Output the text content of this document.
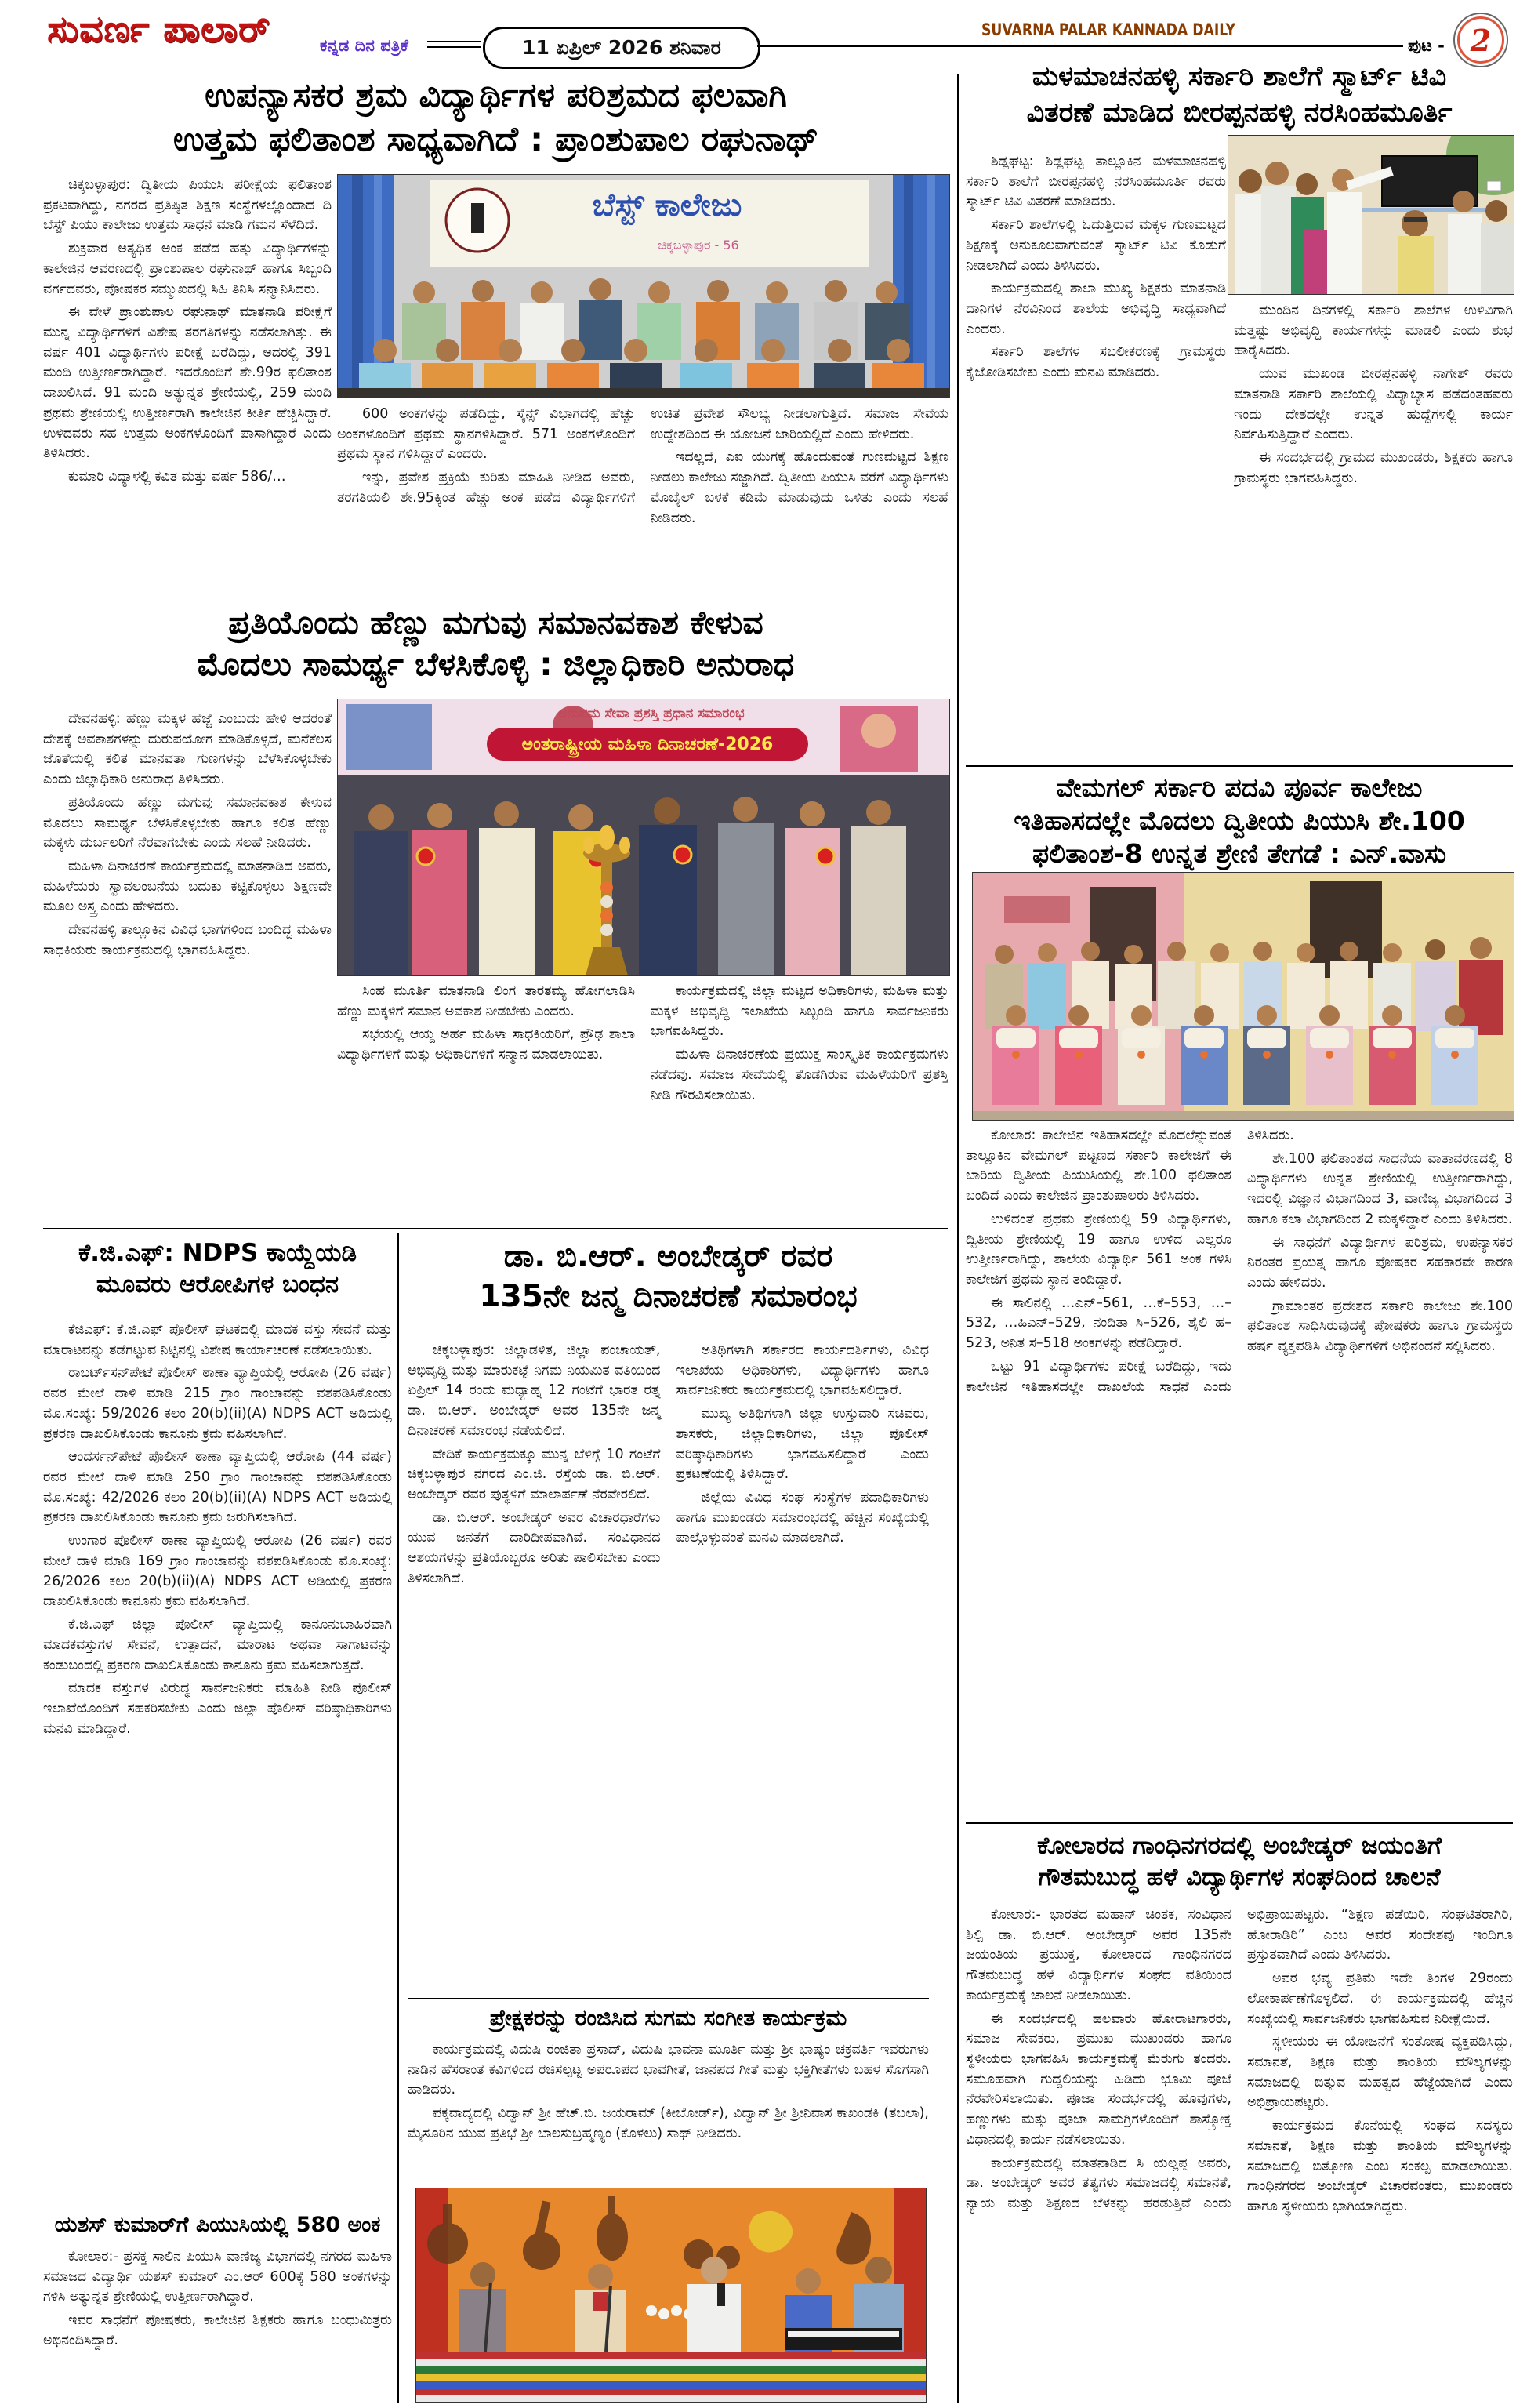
ಸುವರ್ಣ ಪಾಲಾರ್	ಕನ್ನಡ ದಿನ ಪತ್ರಿಕೆ	11 ಏಪ್ರಿಲ್ 2026 ಶನಿವಾರ
SUVARNA PALAR KANNADA DAILY
ಪುಟ - 2
ಉಪನ್ಯಾಸಕರ ಶ್ರಮ ವಿದ್ಯಾರ್ಥಿಗಳ ಪರಿಶ್ರಮದ ಫಲವಾಗಿ
ಉತ್ತಮ ಫಲಿತಾಂಶ ಸಾಧ್ಯವಾಗಿದೆ : ಪ್ರಾಂಶುಪಾಲ ರಘುನಾಥ್

ಚಿಕ್ಕಬಳ್ಳಾಪುರ: ದ್ವಿತೀಯ ಪಿಯುಸಿ ಪರೀಕ್ಷೆಯ ಫಲಿತಾಂಶ ಪ್ರಕಟವಾಗಿದ್ದು, ನಗರದ ಪ್ರತಿಷ್ಠಿತ ಶಿಕ್ಷಣ ಸಂಸ್ಥೆಗಳಲ್ಲೊಂದಾದ ದಿ ಬೆಸ್ಟ್ ಪಿಯು ಕಾಲೇಜು ಉತ್ತಮ ಸಾಧನೆ ಮಾಡಿ ಗಮನ ಸೆಳೆದಿದೆ.

ಶುಕ್ರವಾರ ಅತ್ಯಧಿಕ ಅಂಕ ಪಡೆದ ಹತ್ತು ವಿದ್ಯಾರ್ಥಿಗಳನ್ನು ಕಾಲೇಜಿನ ಆವರಣದಲ್ಲಿ ಪ್ರಾಂಶುಪಾಲ ರಘುನಾಥ್ ಹಾಗೂ ಸಿಬ್ಬಂದಿ ವರ್ಗದವರು, ಪೋಷಕರ ಸಮ್ಮುಖದಲ್ಲಿ ಸಿಹಿ ತಿನಿಸಿ ಸನ್ಮಾನಿಸಿದರು.

ಈ ವೇಳೆ ಪ್ರಾಂಶುಪಾಲ ರಘುನಾಥ್ ಮಾತನಾಡಿ ಪರೀಕ್ಷೆಗೆ ಮುನ್ನ ವಿದ್ಯಾರ್ಥಿಗಳಿಗೆ ವಿಶೇಷ ತರಗತಿಗಳನ್ನು ನಡೆಸಲಾಗಿತ್ತು. ಈ ವರ್ಷ 401 ವಿದ್ಯಾರ್ಥಿಗಳು ಪರೀಕ್ಷೆ ಬರೆದಿದ್ದು, ಅದರಲ್ಲಿ 391 ಮಂದಿ ಉತ್ತೀರ್ಣರಾಗಿದ್ದಾರೆ. ಇದರೊಂದಿಗೆ ಶೇ.99ರ ಫಲಿತಾಂಶ ದಾಖಲಿಸಿದೆ. 91 ಮಂದಿ ಅತ್ಯುನ್ನತ ಶ್ರೇಣಿಯಲ್ಲಿ, 259 ಮಂದಿ ಪ್ರಥಮ ಶ್ರೇಣಿಯಲ್ಲಿ ಉತ್ತೀರ್ಣರಾಗಿ ಕಾಲೇಜಿನ ಕೀರ್ತಿ ಹೆಚ್ಚಿಸಿದ್ದಾರೆ. ಉಳಿದವರು ಸಹ ಉತ್ತಮ ಅಂಕಗಳೊಂದಿಗೆ ಪಾಸಾಗಿದ್ದಾರೆ ಎಂದು ತಿಳಿಸಿದರು.

ಕುಮಾರಿ ವಿದ್ಯಾಳಲ್ಲಿ ಕವಿತ ಮತ್ತು ವರ್ಷ 586/…

ಬೆಸ್ಟ್ ಕಾಲೇಜು
ಚಿಕ್ಕಬಳ್ಳಾಪುರ - 56

600 ಅಂಕಗಳನ್ನು ಪಡೆದಿದ್ದು, ಸೈನ್ಸ್ ವಿಭಾಗದಲ್ಲಿ ಹೆಚ್ಚು ಅಂಕಗಳೊಂದಿಗೆ ಪ್ರಥಮ ಸ್ಥಾನಗಳಿಸಿದ್ದಾರೆ. 571 ಅಂಕಗಳೊಂದಿಗೆ ಪ್ರಥಮ ಸ್ಥಾನ ಗಳಿಸಿದ್ದಾರೆ ಎಂದರು.

ಇನ್ನು, ಪ್ರವೇಶ ಪ್ರಕ್ರಿಯೆ ಕುರಿತು ಮಾಹಿತಿ ನೀಡಿದ ಅವರು, ತರಗತಿಯಲಿ ಶೇ.95ಕ್ಕಿಂತ ಹೆಚ್ಚು ಅಂಕ ಪಡೆದ ವಿದ್ಯಾರ್ಥಿಗಳಿಗೆ ಉಚಿತ ಪ್ರವೇಶ ಸೌಲಭ್ಯ ನೀಡಲಾಗುತ್ತಿದೆ. ಸಮಾಜ ಸೇವೆಯ ಉದ್ದೇಶದಿಂದ ಈ ಯೋಜನೆ ಜಾರಿಯಲ್ಲಿದೆ ಎಂದು ಹೇಳಿದರು.

ಇದಲ್ಲದೆ, ಎಐ ಯುಗಕ್ಕೆ ಹೊಂದುವಂತೆ ಗುಣಮಟ್ಟದ ಶಿಕ್ಷಣ ನೀಡಲು ಕಾಲೇಜು ಸಜ್ಜಾಗಿದೆ. ದ್ವಿತೀಯ ಪಿಯುಸಿ ವರೆಗೆ ವಿದ್ಯಾರ್ಥಿಗಳು ಮೊಬೈಲ್ ಬಳಕೆ ಕಡಿಮೆ ಮಾಡುವುದು ಒಳಿತು ಎಂದು ಸಲಹೆ ನೀಡಿದರು.

ಪ್ರತಿಯೊಂದು ಹೆಣ್ಣು ಮಗುವು ಸಮಾನವಕಾಶ ಕೇಳುವ
ಮೊದಲು ಸಾಮರ್ಥ್ಯ ಬೆಳಸಿಕೊಳ್ಳಿ : ಜಿಲ್ಲಾಧಿಕಾರಿ ಅನುರಾಧ

ದೇವನಹಳ್ಳಿ: ಹೆಣ್ಣು ಮಕ್ಕಳ ಹೆಜ್ಜೆ ಎಂಬುದು ಹೇಳಿ ಆದರಂತೆ ದೇಶಕ್ಕೆ ಅವಕಾಶಗಳನ್ನು ದುರುಪಯೋಗ ಮಾಡಿಕೊಳ್ಳದೆ, ಮನೆಕೆಲಸ ಜೊತೆಯಲ್ಲಿ ಕಲಿತ ಮಾನವತಾ ಗುಣಗಳನ್ನು ಬೆಳೆಸಿಕೊಳ್ಳಬೇಕು ಎಂದು ಜಿಲ್ಲಾಧಿಕಾರಿ ಅನುರಾಧ ತಿಳಿಸಿದರು.

ಪ್ರತಿಯೊಂದು ಹೆಣ್ಣು ಮಗುವು ಸಮಾನವಕಾಶ ಕೇಳುವ ಮೊದಲು ಸಾಮರ್ಥ್ಯ ಬೆಳಸಿಕೊಳ್ಳಬೇಕು ಹಾಗೂ ಕಲಿತ ಹೆಣ್ಣು ಮಕ್ಕಳು ದುರ್ಬಲರಿಗೆ ನೆರವಾಗಬೇಕು ಎಂದು ಸಲಹೆ ನೀಡಿದರು.

ಮಹಿಳಾ ದಿನಾಚರಣೆ ಕಾರ್ಯಕ್ರಮದಲ್ಲಿ ಮಾತನಾಡಿದ ಅವರು, ಮಹಿಳೆಯರು ಸ್ವಾವಲಂಬನೆಯ ಬದುಕು ಕಟ್ಟಿಕೊಳ್ಳಲು ಶಿಕ್ಷಣವೇ ಮೂಲ ಅಸ್ತ್ರ ಎಂದು ಹೇಳಿದರು.

ದೇವನಹಳ್ಳಿ ತಾಲ್ಲೂಕಿನ ವಿವಿಧ ಭಾಗಗಳಿಂದ ಬಂದಿದ್ದ ಮಹಿಳಾ ಸಾಧಕಿಯರು ಕಾರ್ಯಕ್ರಮದಲ್ಲಿ ಭಾಗವಹಿಸಿದ್ದರು.

ಅನುಪಮ ಸೇವಾ ಪ್ರಶಸ್ತಿ ಪ್ರಧಾನ ಸಮಾರಂಭ
ಅಂತರಾಷ್ಟ್ರೀಯ ಮಹಿಳಾ ದಿನಾಚರಣೆ-2026

ಸಿಂಹ ಮೂರ್ತಿ ಮಾತನಾಡಿ ಲಿಂಗ ತಾರತಮ್ಯ ಹೋಗಲಾಡಿಸಿ ಹೆಣ್ಣು ಮಕ್ಕಳಿಗೆ ಸಮಾನ ಅವಕಾಶ ನೀಡಬೇಕು ಎಂದರು.

ಸಭೆಯಲ್ಲಿ ಆಯ್ದ ಅರ್ಹ ಮಹಿಳಾ ಸಾಧಕಿಯರಿಗೆ, ಪ್ರೌಢ ಶಾಲಾ ವಿದ್ಯಾರ್ಥಿಗಳಿಗೆ ಮತ್ತು ಅಧಿಕಾರಿಗಳಿಗೆ ಸನ್ಮಾನ ಮಾಡಲಾಯಿತು.

ಕಾರ್ಯಕ್ರಮದಲ್ಲಿ ಜಿಲ್ಲಾ ಮಟ್ಟದ ಅಧಿಕಾರಿಗಳು, ಮಹಿಳಾ ಮತ್ತು ಮಕ್ಕಳ ಅಭಿವೃದ್ಧಿ ಇಲಾಖೆಯ ಸಿಬ್ಬಂದಿ ಹಾಗೂ ಸಾರ್ವಜನಿಕರು ಭಾಗವಹಿಸಿದ್ದರು.

ಮಹಿಳಾ ದಿನಾಚರಣೆಯ ಪ್ರಯುಕ್ತ ಸಾಂಸ್ಕೃತಿಕ ಕಾರ್ಯಕ್ರಮಗಳು ನಡೆದವು. ಸಮಾಜ ಸೇವೆಯಲ್ಲಿ ತೊಡಗಿರುವ ಮಹಿಳೆಯರಿಗೆ ಪ್ರಶಸ್ತಿ ನೀಡಿ ಗೌರವಿಸಲಾಯಿತು.

ಮಳಮಾಚನಹಳ್ಳಿ ಸರ್ಕಾರಿ ಶಾಲೆಗೆ ಸ್ಮಾರ್ಟ್ ಟಿವಿ
ವಿತರಣೆ ಮಾಡಿದ ಬೀರಪ್ಪನಹಳ್ಳಿ ನರಸಿಂಹಮೂರ್ತಿ

ಶಿಡ್ಲಘಟ್ಟ: ಶಿಡ್ಲಘಟ್ಟ ತಾಲ್ಲೂಕಿನ ಮಳಮಾಚನಹಳ್ಳಿ ಸರ್ಕಾರಿ ಶಾಲೆಗೆ ಬೀರಪ್ಪನಹಳ್ಳಿ ನರಸಿಂಹಮೂರ್ತಿ ರವರು ಸ್ಮಾರ್ಟ್ ಟಿವಿ ವಿತರಣೆ ಮಾಡಿದರು.

ಸರ್ಕಾರಿ ಶಾಲೆಗಳಲ್ಲಿ ಓದುತ್ತಿರುವ ಮಕ್ಕಳ ಗುಣಮಟ್ಟದ ಶಿಕ್ಷಣಕ್ಕೆ ಅನುಕೂಲವಾಗುವಂತೆ ಸ್ಮಾರ್ಟ್ ಟಿವಿ ಕೊಡುಗೆ ನೀಡಲಾಗಿದೆ ಎಂದು ತಿಳಿಸಿದರು.

ಕಾರ್ಯಕ್ರಮದಲ್ಲಿ ಶಾಲಾ ಮುಖ್ಯ ಶಿಕ್ಷಕರು ಮಾತನಾಡಿ ದಾನಿಗಳ ನೆರವಿನಿಂದ ಶಾಲೆಯ ಅಭಿವೃದ್ಧಿ ಸಾಧ್ಯವಾಗಿದೆ ಎಂದರು.

ಸರ್ಕಾರಿ ಶಾಲೆಗಳ ಸಬಲೀಕರಣಕ್ಕೆ ಗ್ರಾಮಸ್ಥರು ಕೈಜೋಡಿಸಬೇಕು ಎಂದು ಮನವಿ ಮಾಡಿದರು.

ಮುಂದಿನ ದಿನಗಳಲ್ಲಿ ಸರ್ಕಾರಿ ಶಾಲೆಗಳ ಉಳಿವಿಗಾಗಿ ಮತ್ತಷ್ಟು ಅಭಿವೃದ್ಧಿ ಕಾರ್ಯಗಳನ್ನು ಮಾಡಲಿ ಎಂದು ಶುಭ ಹಾರೈಸಿದರು.

ಯುವ ಮುಖಂಡ ಬೀರಪ್ಪನಹಳ್ಳಿ ನಾಗೇಶ್ ರವರು ಮಾತನಾಡಿ ಸರ್ಕಾರಿ ಶಾಲೆಯಲ್ಲಿ ವಿದ್ಯಾಬ್ಯಾಸ ಪಡೆದಂತಹವರು ಇಂದು ದೇಶದಲ್ಲೇ ಉನ್ನತ ಹುದ್ದೆಗಳಲ್ಲಿ ಕಾರ್ಯ ನಿರ್ವಹಿಸುತ್ತಿದ್ದಾರೆ ಎಂದರು.

ಈ ಸಂದರ್ಭದಲ್ಲಿ ಗ್ರಾಮದ ಮುಖಂಡರು, ಶಿಕ್ಷಕರು ಹಾಗೂ ಗ್ರಾಮಸ್ಥರು ಭಾಗವಹಿಸಿದ್ದರು.

ವೇಮಗಲ್ ಸರ್ಕಾರಿ ಪದವಿ ಪೂರ್ವ ಕಾಲೇಜು
ಇತಿಹಾಸದಲ್ಲೇ ಮೊದಲು ದ್ವಿತೀಯ ಪಿಯುಸಿ ಶೇ.100
ಫಲಿತಾಂಶ-8 ಉನ್ನತ ಶ್ರೇಣಿ ತೇಗಡೆ : ಎನ್.ವಾಸು

ಕೋಲಾರ: ಕಾಲೇಜಿನ ಇತಿಹಾಸದಲ್ಲೇ ಮೊದಲೆನ್ನುವಂತೆ ತಾಲ್ಲೂಕಿನ ವೇಮಗಲ್ ಪಟ್ಟಣದ ಸರ್ಕಾರಿ ಕಾಲೇಜಿಗೆ ಈ ಬಾರಿಯ ದ್ವಿತೀಯ ಪಿಯುಸಿಯಲ್ಲಿ ಶೇ.100 ಫಲಿತಾಂಶ ಬಂದಿದೆ ಎಂದು ಕಾಲೇಜಿನ ಪ್ರಾಂಶುಪಾಲರು ತಿಳಿಸಿದರು.

ಉಳಿದಂತೆ ಪ್ರಥಮ ಶ್ರೇಣಿಯಲ್ಲಿ 59 ವಿದ್ಯಾರ್ಥಿಗಳು, ದ್ವಿತೀಯ ಶ್ರೇಣಿಯಲ್ಲಿ 19 ಹಾಗೂ ಉಳಿದ ಎಲ್ಲರೂ ಉತ್ತೀರ್ಣರಾಗಿದ್ದು, ಶಾಲೆಯ ವಿದ್ಯಾರ್ಥಿ 561 ಅಂಕ ಗಳಿಸಿ ಕಾಲೇಜಿಗೆ ಪ್ರಥಮ ಸ್ಥಾನ ತಂದಿದ್ದಾರೆ.

ಈ ಸಾಲಿನಲ್ಲಿ …ಎನ್–561, …ಕೆ–553, …–532, …ಹಿಎನ್–529, ನಂದಿತಾ ಸಿ–526, ಶೈಲಿ ಹ–523, ಅನಿತ ಸ–518 ಅಂಕಗಳನ್ನು ಪಡೆದಿದ್ದಾರೆ.

ಒಟ್ಟು 91 ವಿದ್ಯಾರ್ಥಿಗಳು ಪರೀಕ್ಷೆ ಬರೆದಿದ್ದು, ಇದು ಕಾಲೇಜಿನ ಇತಿಹಾಸದಲ್ಲೇ ದಾಖಲೆಯ ಸಾಧನೆ ಎಂದು ತಿಳಿಸಿದರು.

ಶೇ.100 ಫಲಿತಾಂಶದ ಸಾಧನೆಯ ವಾತಾವರಣದಲ್ಲಿ 8 ವಿದ್ಯಾರ್ಥಿಗಳು ಉನ್ನತ ಶ್ರೇಣಿಯಲ್ಲಿ ಉತ್ತೀರ್ಣರಾಗಿದ್ದು, ಇದರಲ್ಲಿ ವಿಜ್ಞಾನ ವಿಭಾಗದಿಂದ 3, ವಾಣಿಜ್ಯ ವಿಭಾಗದಿಂದ 3 ಹಾಗೂ ಕಲಾ ವಿಭಾಗದಿಂದ 2 ಮಕ್ಕಳಿದ್ದಾರೆ ಎಂದು ತಿಳಿಸಿದರು.

ಈ ಸಾಧನೆಗೆ ವಿದ್ಯಾರ್ಥಿಗಳ ಪರಿಶ್ರಮ, ಉಪನ್ಯಾಸಕರ ನಿರಂತರ ಪ್ರಯತ್ನ ಹಾಗೂ ಪೋಷಕರ ಸಹಕಾರವೇ ಕಾರಣ ಎಂದು ಹೇಳಿದರು.

ಗ್ರಾಮಾಂತರ ಪ್ರದೇಶದ ಸರ್ಕಾರಿ ಕಾಲೇಜು ಶೇ.100 ಫಲಿತಾಂಶ ಸಾಧಿಸಿರುವುದಕ್ಕೆ ಪೋಷಕರು ಹಾಗೂ ಗ್ರಾಮಸ್ಥರು ಹರ್ಷ ವ್ಯಕ್ತಪಡಿಸಿ ವಿದ್ಯಾರ್ಥಿಗಳಿಗೆ ಅಭಿನಂದನೆ ಸಲ್ಲಿಸಿದರು.

ಕೆ.ಜಿ.ಎಫ್: NDPS ಕಾಯ್ದೆಯಡಿ
ಮೂವರು ಆರೋಪಿಗಳ ಬಂಧನ

ಕೆಜಿಎಫ್: ಕೆ.ಜಿ.ಎಫ್ ಪೊಲೀಸ್ ಘಟಕದಲ್ಲಿ ಮಾದಕ ವಸ್ತು ಸೇವನೆ ಮತ್ತು ಮಾರಾಟವನ್ನು ತಡೆಗಟ್ಟುವ ನಿಟ್ಟಿನಲ್ಲಿ ವಿಶೇಷ ಕಾರ್ಯಾಚರಣೆ ನಡೆಸಲಾಯಿತು.

ರಾಬರ್ಟ್‌ಸನ್‌ಪೇಟೆ ಪೊಲೀಸ್ ಠಾಣಾ ವ್ಯಾಪ್ತಿಯಲ್ಲಿ ಆರೋಪಿ (26 ವರ್ಷ) ರವರ ಮೇಲೆ ದಾಳಿ ಮಾಡಿ 215 ಗ್ರಾಂ ಗಾಂಜಾವನ್ನು ವಶಪಡಿಸಿಕೊಂಡು ಮೊ.ಸಂಖ್ಯೆ: 59/2026 ಕಲಂ 20(b)(ii)(A) NDPS ACT ಅಡಿಯಲ್ಲಿ ಪ್ರಕರಣ ದಾಖಲಿಸಿಕೊಂಡು ಕಾನೂನು ಕ್ರಮ ವಹಿಸಲಾಗಿದೆ.

ಆಂದರ್ಸನ್‌ಪೇಟೆ ಪೊಲೀಸ್ ಠಾಣಾ ವ್ಯಾಪ್ತಿಯಲ್ಲಿ ಆರೋಪಿ (44 ವರ್ಷ) ರವರ ಮೇಲೆ ದಾಳಿ ಮಾಡಿ 250 ಗ್ರಾಂ ಗಾಂಜಾವನ್ನು ವಶಪಡಿಸಿಕೊಂಡು ಮೊ.ಸಂಖ್ಯೆ: 42/2026 ಕಲಂ 20(b)(ii)(A) NDPS ACT ಅಡಿಯಲ್ಲಿ ಪ್ರಕರಣ ದಾಖಲಿಸಿಕೊಂಡು ಕಾನೂನು ಕ್ರಮ ಜರುಗಿಸಲಾಗಿದೆ.

ಉಂಗಾರ ಪೊಲೀಸ್ ಠಾಣಾ ವ್ಯಾಪ್ತಿಯಲ್ಲಿ ಆರೋಪಿ (26 ವರ್ಷ) ರವರ ಮೇಲೆ ದಾಳಿ ಮಾಡಿ 169 ಗ್ರಾಂ ಗಾಂಜಾವನ್ನು ವಶಪಡಿಸಿಕೊಂಡು ಮೊ.ಸಂಖ್ಯೆ: 26/2026 ಕಲಂ 20(b)(ii)(A) NDPS ACT ಅಡಿಯಲ್ಲಿ ಪ್ರಕರಣ ದಾಖಲಿಸಿಕೊಂಡು ಕಾನೂನು ಕ್ರಮ ವಹಿಸಲಾಗಿದೆ.

ಕೆ.ಜಿ.ಎಫ್ ಜಿಲ್ಲಾ ಪೊಲೀಸ್ ವ್ಯಾಪ್ತಿಯಲ್ಲಿ ಕಾನೂನುಬಾಹಿರವಾಗಿ ಮಾದಕವಸ್ತುಗಳ ಸೇವನೆ, ಉತ್ಪಾದನೆ, ಮಾರಾಟ ಅಥವಾ ಸಾಗಾಟವನ್ನು ಕಂಡುಬಂದಲ್ಲಿ ಪ್ರಕರಣ ದಾಖಲಿಸಿಕೊಂಡು ಕಾನೂನು ಕ್ರಮ ವಹಿಸಲಾಗುತ್ತದೆ.

ಮಾದಕ ವಸ್ತುಗಳ ವಿರುದ್ಧ ಸಾರ್ವಜನಿಕರು ಮಾಹಿತಿ ನೀಡಿ ಪೊಲೀಸ್ ಇಲಾಖೆಯೊಂದಿಗೆ ಸಹಕರಿಸಬೇಕು ಎಂದು ಜಿಲ್ಲಾ ಪೊಲೀಸ್ ವರಿಷ್ಠಾಧಿಕಾರಿಗಳು ಮನವಿ ಮಾಡಿದ್ದಾರೆ.

ಯಶಸ್ ಕುಮಾರ್‌ಗೆ ಪಿಯುಸಿಯಲ್ಲಿ 580 ಅಂಕ

ಕೋಲಾರ:- ಪ್ರಸಕ್ತ ಸಾಲಿನ ಪಿಯುಸಿ ವಾಣಿಜ್ಯ ವಿಭಾಗದಲ್ಲಿ ನಗರದ ಮಹಿಳಾ ಸಮಾಜದ ವಿದ್ಯಾರ್ಥಿ ಯಶಸ್ ಕುಮಾರ್ ಎಂ.ಆರ್ 600ಕ್ಕೆ 580 ಅಂಕಗಳನ್ನು ಗಳಿಸಿ ಅತ್ಯುನ್ನತ ಶ್ರೇಣಿಯಲ್ಲಿ ಉತ್ತೀರ್ಣರಾಗಿದ್ದಾರೆ.

ಇವರ ಸಾಧನೆಗೆ ಪೋಷಕರು, ಕಾಲೇಜಿನ ಶಿಕ್ಷಕರು ಹಾಗೂ ಬಂಧುಮಿತ್ರರು ಅಭಿನಂದಿಸಿದ್ದಾರೆ.

ಡಾ. ಬಿ.ಆರ್. ಅಂಬೇಡ್ಕರ್ ರವರ
135ನೇ ಜನ್ಮ ದಿನಾಚರಣೆ ಸಮಾರಂಭ

ಚಿಕ್ಕಬಳ್ಳಾಪುರ: ಜಿಲ್ಲಾಡಳಿತ, ಜಿಲ್ಲಾ ಪಂಚಾಯತ್, ಅಭಿವೃದ್ಧಿ ಮತ್ತು ಮಾರುಕಟ್ಟೆ ನಿಗಮ ನಿಯಮಿತ ವತಿಯಿಂದ ಏಪ್ರಿಲ್ 14 ರಂದು ಮಧ್ಯಾಹ್ನ 12 ಗಂಟೆಗೆ ಭಾರತ ರತ್ನ ಡಾ. ಬಿ.ಆರ್. ಅಂಬೇಡ್ಕರ್ ಅವರ 135ನೇ ಜನ್ಮ ದಿನಾಚರಣೆ ಸಮಾರಂಭ ನಡೆಯಲಿದೆ.

ವೇದಿಕೆ ಕಾರ್ಯಕ್ರಮಕ್ಕೂ ಮುನ್ನ ಬೆಳಿಗ್ಗೆ 10 ಗಂಟೆಗೆ ಚಿಕ್ಕಬಳ್ಳಾಪುರ ನಗರದ ಎಂ.ಜಿ. ರಸ್ತೆಯ ಡಾ. ಬಿ.ಆರ್. ಅಂಬೇಡ್ಕರ್ ರವರ ಪುತ್ಥಳಿಗೆ ಮಾಲಾರ್ಪಣೆ ನೆರವೇರಲಿದೆ.

ಡಾ. ಬಿ.ಆರ್. ಅಂಬೇಡ್ಕರ್ ಅವರ ವಿಚಾರಧಾರೆಗಳು ಯುವ ಜನತೆಗೆ ದಾರಿದೀಪವಾಗಿವೆ. ಸಂವಿಧಾನದ ಆಶಯಗಳನ್ನು ಪ್ರತಿಯೊಬ್ಬರೂ ಅರಿತು ಪಾಲಿಸಬೇಕು ಎಂದು ತಿಳಿಸಲಾಗಿದೆ.

ಅತಿಥಿಗಳಾಗಿ ಸರ್ಕಾರದ ಕಾರ್ಯದರ್ಶಿಗಳು, ವಿವಿಧ ಇಲಾಖೆಯ ಅಧಿಕಾರಿಗಳು, ವಿದ್ಯಾರ್ಥಿಗಳು ಹಾಗೂ ಸಾರ್ವಜನಿಕರು ಕಾರ್ಯಕ್ರಮದಲ್ಲಿ ಭಾಗವಹಿಸಲಿದ್ದಾರೆ.

ಮುಖ್ಯ ಅತಿಥಿಗಳಾಗಿ ಜಿಲ್ಲಾ ಉಸ್ತುವಾರಿ ಸಚಿವರು, ಶಾಸಕರು, ಜಿಲ್ಲಾಧಿಕಾರಿಗಳು, ಜಿಲ್ಲಾ ಪೊಲೀಸ್ ವರಿಷ್ಠಾಧಿಕಾರಿಗಳು ಭಾಗವಹಿಸಲಿದ್ದಾರೆ ಎಂದು ಪ್ರಕಟಣೆಯಲ್ಲಿ ತಿಳಿಸಿದ್ದಾರೆ.

ಜಿಲ್ಲೆಯ ವಿವಿಧ ಸಂಘ ಸಂಸ್ಥೆಗಳ ಪದಾಧಿಕಾರಿಗಳು ಹಾಗೂ ಮುಖಂಡರು ಸಮಾರಂಭದಲ್ಲಿ ಹೆಚ್ಚಿನ ಸಂಖ್ಯೆಯಲ್ಲಿ ಪಾಲ್ಗೊಳ್ಳುವಂತೆ ಮನವಿ ಮಾಡಲಾಗಿದೆ.

ಪ್ರೇಕ್ಷಕರನ್ನು ರಂಜಿಸಿದ ಸುಗಮ ಸಂಗೀತ ಕಾರ್ಯಕ್ರಮ

ಕಾರ್ಯಕ್ರಮದಲ್ಲಿ ವಿದುಷಿ ರಂಜಿತಾ ಪ್ರಸಾದ್, ವಿದುಷಿ ಭಾವನಾ ಮೂರ್ತಿ ಮತ್ತು ಶ್ರೀ ಭಾಷ್ಯಂ ಚಕ್ರವರ್ತಿ ಇವರುಗಳು ನಾಡಿನ ಹೆಸರಾಂತ ಕವಿಗಳಿಂದ ರಚಿಸಲ್ಪಟ್ಟ ಅಪರೂಪದ ಭಾವಗೀತೆ, ಜಾನಪದ ಗೀತೆ ಮತ್ತು ಭಕ್ತಿಗೀತೆಗಳು ಬಹಳ ಸೊಗಸಾಗಿ ಹಾಡಿದರು.

ಪಕ್ಕವಾದ್ಯದಲ್ಲಿ ವಿದ್ವಾನ್ ಶ್ರೀ ಹೆಚ್.ಬಿ. ಜಯರಾಮ್ (ಕೀಬೋರ್ಡ್), ವಿದ್ವಾನ್ ಶ್ರೀ ಶ್ರೀನಿವಾಸ ಕಾಖಂಡಕಿ (ತಬಲಾ), ಮೈಸೂರಿನ ಯುವ ಪ್ರತಿಭೆ ಶ್ರೀ ಬಾಲಸುಬ್ರಹ್ಮಣ್ಯಂ (ಕೊಳಲು) ಸಾಥ್ ನೀಡಿದರು.

ಕೋಲಾರದ ಗಾಂಧಿನಗರದಲ್ಲಿ ಅಂಬೇಡ್ಕರ್ ಜಯಂತಿಗೆ
ಗೌತಮಬುದ್ಧ ಹಳೆ ವಿದ್ಯಾರ್ಥಿಗಳ ಸಂಘದಿಂದ ಚಾಲನೆ

ಕೋಲಾರ:- ಭಾರತದ ಮಹಾನ್ ಚಿಂತಕ, ಸಂವಿಧಾನ ಶಿಲ್ಪಿ ಡಾ. ಬಿ.ಆರ್. ಅಂಬೇಡ್ಕರ್ ಅವರ 135ನೇ ಜಯಂತಿಯ ಪ್ರಯುಕ್ತ, ಕೋಲಾರದ ಗಾಂಧಿನಗರದ ಗೌತಮಬುದ್ಧ ಹಳೆ ವಿದ್ಯಾರ್ಥಿಗಳ ಸಂಘದ ವತಿಯಿಂದ ಕಾರ್ಯಕ್ರಮಕ್ಕೆ ಚಾಲನೆ ನೀಡಲಾಯಿತು.

ಈ ಸಂದರ್ಭದಲ್ಲಿ ಹಲವಾರು ಹೋರಾಟಗಾರರು, ಸಮಾಜ ಸೇವಕರು, ಪ್ರಮುಖ ಮುಖಂಡರು ಹಾಗೂ ಸ್ಥಳೀಯರು ಭಾಗವಹಿಸಿ ಕಾರ್ಯಕ್ರಮಕ್ಕೆ ಮೆರುಗು ತಂದರು. ಸಮೂಹವಾಗಿ ಗುದ್ದಲಿಯನ್ನು ಹಿಡಿದು ಭೂಮಿ ಪೂಜೆ ನೆರವೇರಿಸಲಾಯಿತು. ಪೂಜಾ ಸಂದರ್ಭದಲ್ಲಿ ಹೂವುಗಳು, ಹಣ್ಣುಗಳು ಮತ್ತು ಪೂಜಾ ಸಾಮಗ್ರಿಗಳೊಂದಿಗೆ ಶಾಸ್ತ್ರೋಕ್ತ ವಿಧಾನದಲ್ಲಿ ಕಾರ್ಯ ನಡೆಸಲಾಯಿತು.

ಕಾರ್ಯಕ್ರಮದಲ್ಲಿ ಮಾತನಾಡಿದ ಸಿ ಯಲ್ಲಪ್ಪ ಅವರು, ಡಾ. ಅಂಬೇಡ್ಕರ್ ಅವರ ತತ್ವಗಳು ಸಮಾಜದಲ್ಲಿ ಸಮಾನತೆ, ನ್ಯಾಯ ಮತ್ತು ಶಿಕ್ಷಣದ ಬೆಳಕನ್ನು ಹರಡುತ್ತಿವೆ ಎಂದು ಅಭಿಪ್ರಾಯಪಟ್ಟರು. “ಶಿಕ್ಷಣ ಪಡೆಯಿರಿ, ಸಂಘಟಿತರಾಗಿರಿ, ಹೋರಾಡಿರಿ” ಎಂಬ ಅವರ ಸಂದೇಶವು ಇಂದಿಗೂ ಪ್ರಸ್ತುತವಾಗಿದೆ ಎಂದು ತಿಳಿಸಿದರು.

ಅವರ ಭವ್ಯ ಪ್ರತಿಮೆ ಇದೇ ತಿಂಗಳ 29ರಂದು ಲೋಕಾರ್ಪಣೆಗೊಳ್ಳಲಿದೆ. ಈ ಕಾರ್ಯಕ್ರಮದಲ್ಲಿ ಹೆಚ್ಚಿನ ಸಂಖ್ಯೆಯಲ್ಲಿ ಸಾರ್ವಜನಿಕರು ಭಾಗವಹಿಸುವ ನಿರೀಕ್ಷೆಯಿದೆ.

ಸ್ಥಳೀಯರು ಈ ಯೋಜನೆಗೆ ಸಂತೋಷ ವ್ಯಕ್ತಪಡಿಸಿದ್ದು, ಸಮಾನತೆ, ಶಿಕ್ಷಣ ಮತ್ತು ಶಾಂತಿಯ ಮೌಲ್ಯಗಳನ್ನು ಸಮಾಜದಲ್ಲಿ ಬಿತ್ತುವ ಮಹತ್ವದ ಹೆಜ್ಜೆಯಾಗಿದೆ ಎಂದು ಅಭಿಪ್ರಾಯಪಟ್ಟರು.

ಕಾರ್ಯಕ್ರಮದ ಕೊನೆಯಲ್ಲಿ ಸಂಘದ ಸದಸ್ಯರು ಸಮಾನತೆ, ಶಿಕ್ಷಣ ಮತ್ತು ಶಾಂತಿಯ ಮೌಲ್ಯಗಳನ್ನು ಸಮಾಜದಲ್ಲಿ ಬಿತ್ತೋಣ ಎಂಬ ಸಂಕಲ್ಪ ಮಾಡಲಾಯಿತು. ಗಾಂಧಿನಗರದ ಅಂಬೇಡ್ಕರ್ ವಿಚಾರವಂತರು, ಮುಖಂಡರು ಹಾಗೂ ಸ್ಥಳೀಯರು ಭಾಗಿಯಾಗಿದ್ದರು.
